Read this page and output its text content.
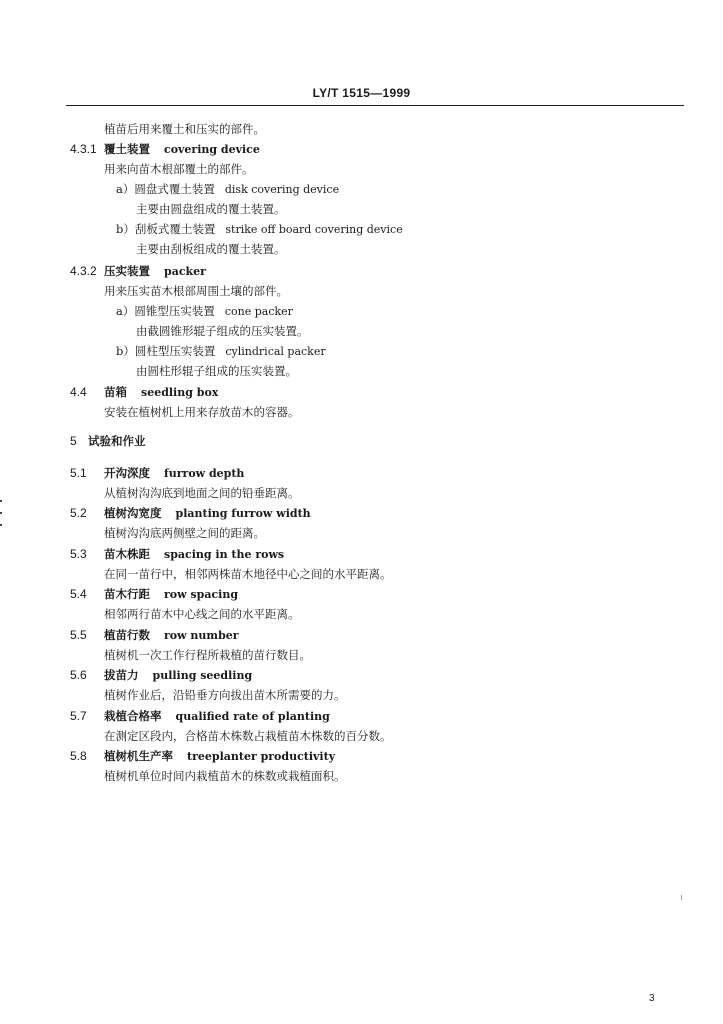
LY/T 1515—1999
植苗后用来覆土和压实的部件。
4.3.1 覆土装置 covering device
用来向苗木根部覆土的部件。
a）圆盘式覆土装置 disk covering device
主要由圆盘组成的覆土装置。
b）刮板式覆土装置 strike off board covering device
主要由刮板组成的覆土装置。
4.3.2 压实装置 packer
用来压实苗木根部周围土壤的部件。
a）圆锥型压实装置 cone packer
由截圆锥形辊子组成的压实装置。
b）圆柱型压实装置 cylindrical packer
由圆柱形辊子组成的压实装置。
4.4 苗箱 seedling box
安装在植树机上用来存放苗木的容器。
5 试验和作业
5.1 开沟深度 furrow depth
从植树沟沟底到地面之间的铅垂距离。
5.2 植树沟宽度 planting furrow width
植树沟沟底两侧壁之间的距离。
5.3 苗木株距 spacing in the rows
在同一苗行中，相邻两株苗木地径中心之间的水平距离。
5.4 苗木行距 row spacing
相邻两行苗木中心线之间的水平距离。
5.5 植苗行数 row number
植树机一次工作行程所栽植的苗行数目。
5.6 拔苗力 pulling seedling
植树作业后，沿铅垂方向拔出苗木所需要的力。
5.7 栽植合格率 qualified rate of planting
在测定区段内，合格苗木株数占栽植苗木株数的百分数。
5.8 植树机生产率 treeplanter productivity
植树机单位时间内栽植苗木的株数或栽植面积。
3
